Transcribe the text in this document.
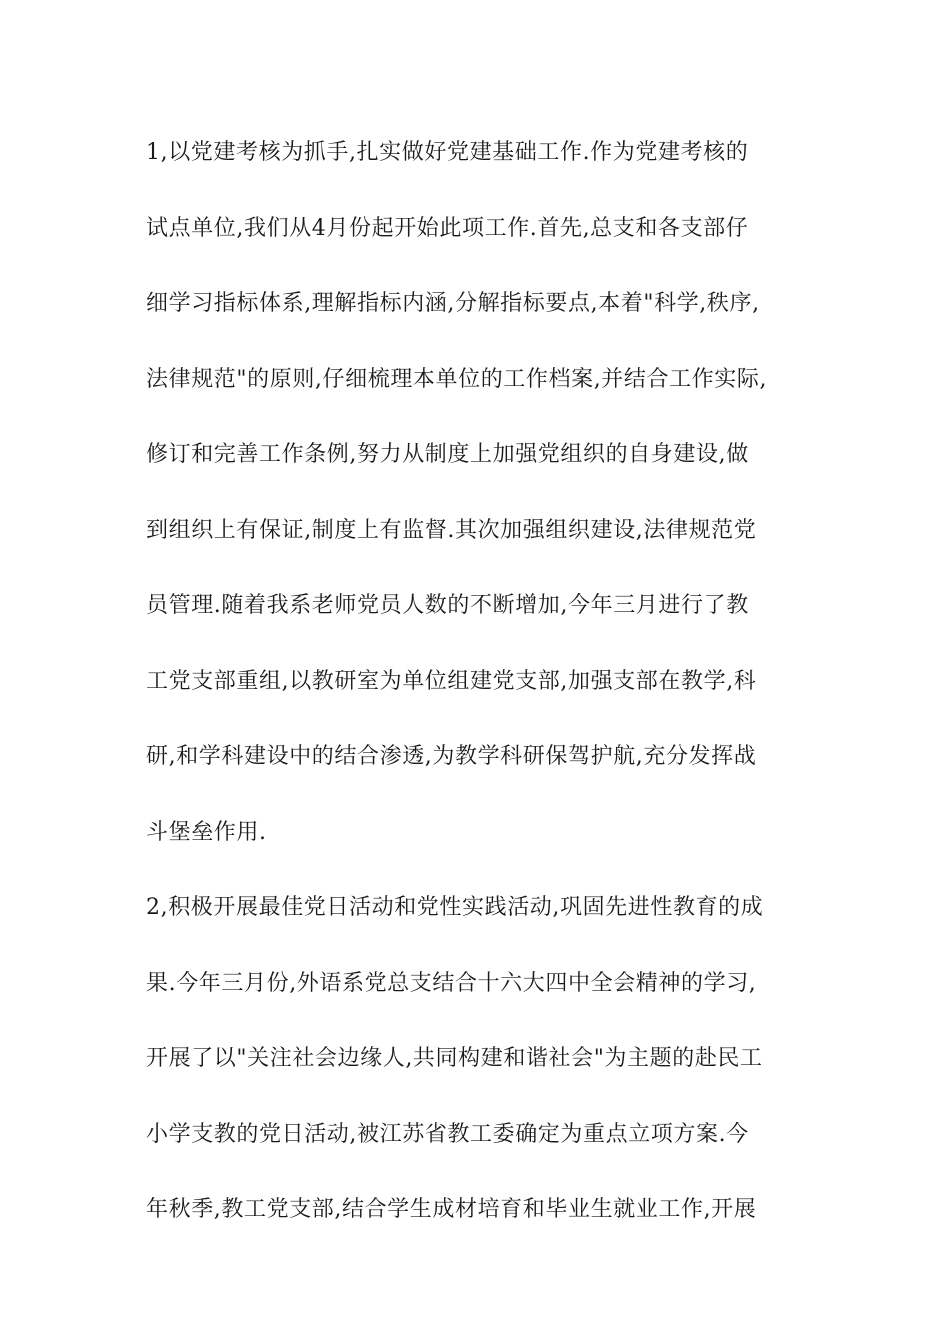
1,以党建考核为抓手,扎实做好党建基础工作.作为党建考核的
试点单位,我们从4月份起开始此项工作.首先,总支和各支部仔
细学习指标体系,理解指标内涵,分解指标要点,本着"科学,秩序,
法律规范"的原则,仔细梳理本单位的工作档案,并结合工作实际,
修订和完善工作条例,努力从制度上加强党组织的自身建设,做
到组织上有保证,制度上有监督.其次加强组织建设,法律规范党
员管理.随着我系老师党员人数的不断增加,今年三月进行了教
工党支部重组,以教研室为单位组建党支部,加强支部在教学,科
研,和学科建设中的结合渗透,为教学科研保驾护航,充分发挥战
斗堡垒作用.
2,积极开展最佳党日活动和党性实践活动,巩固先进性教育的成
果.今年三月份,外语系党总支结合十六大四中全会精神的学习,
开展了以"关注社会边缘人,共同构建和谐社会"为主题的赴民工
小学支教的党日活动,被江苏省教工委确定为重点立项方案.今
年秋季,教工党支部,结合学生成材培育和毕业生就业工作,开展
